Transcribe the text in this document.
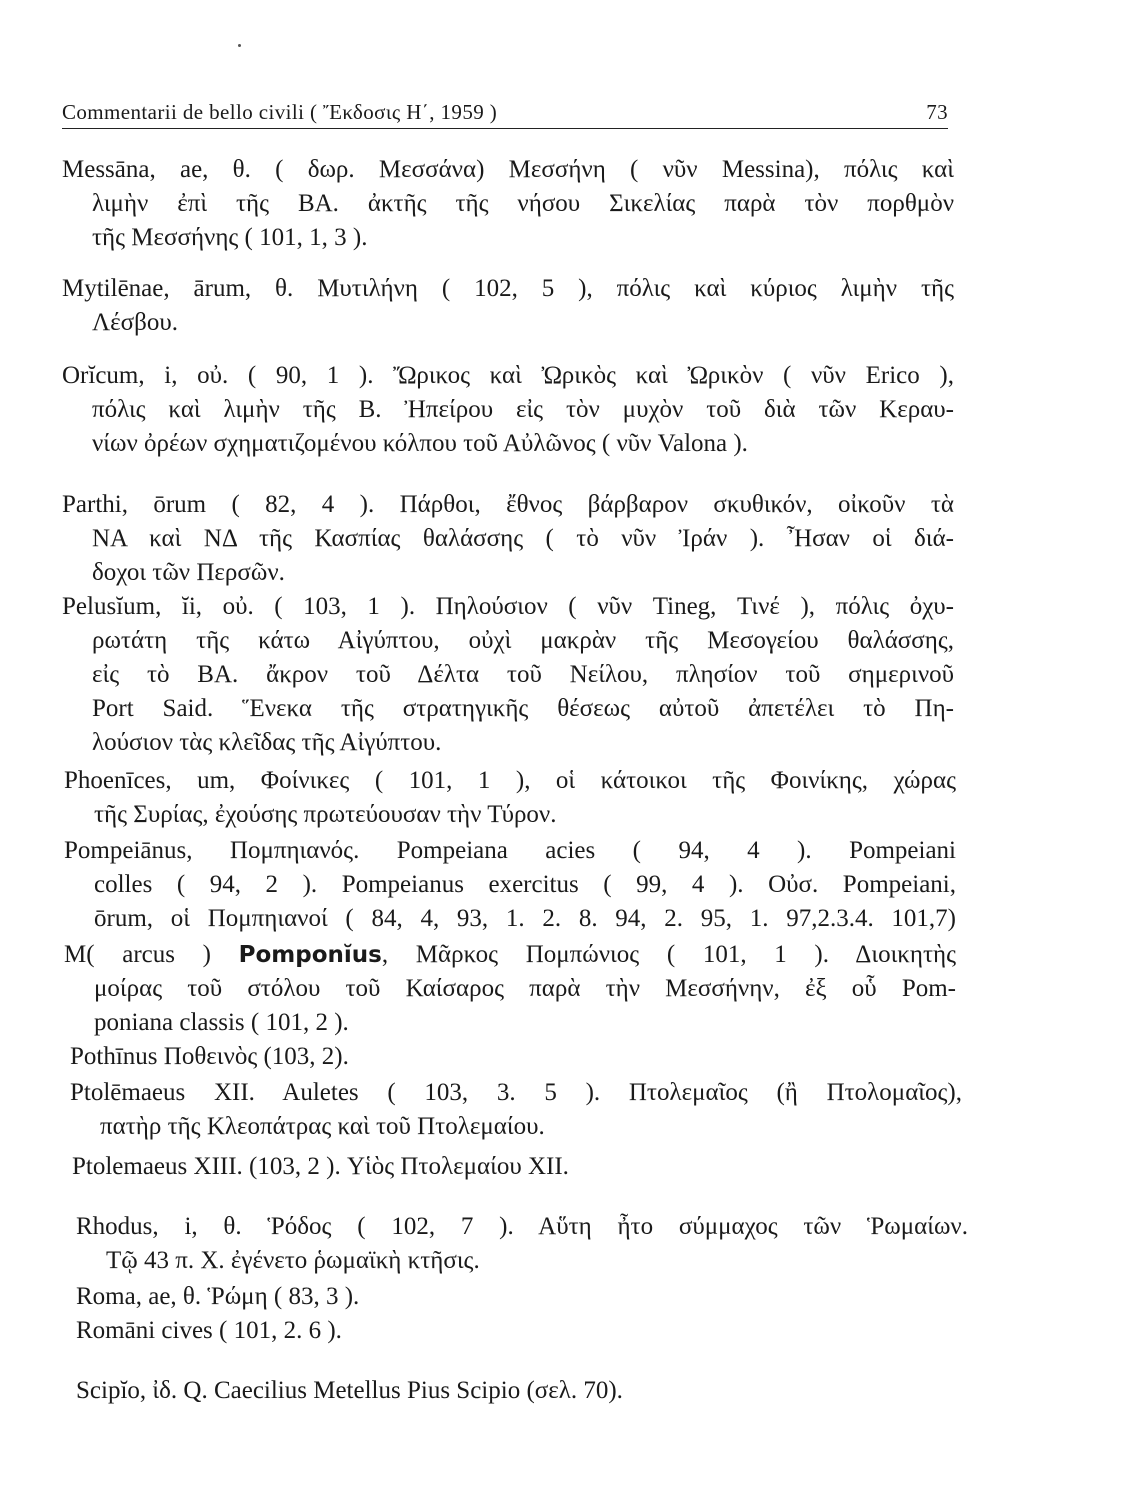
Commentarii de bello civili ( Ἔκδοσις Η΄, 1959 )	73
Messāna, ae, θ. ( δωρ. Μεσσάνα) Μεσσήνη ( νῦν Messina), πόλις καὶ
λιμὴν ἐπὶ τῆς ΒΑ. ἀκτῆς τῆς νήσου Σικελίας παρὰ τὸν πορθμὸν
τῆς Μεσσήνης ( 101, 1, 3 ).
Mytilēnae, ārum, θ. Μυτιλήνη ( 102, 5 ), πόλις καὶ κύριος λιμὴν τῆς
Λέσβου.
Orĭcum, i, οὐ. ( 90, 1 ). Ὤρικος καὶ Ὠρικὸς καὶ Ὠρικὸν ( νῦν Erico ),
πόλις καὶ λιμὴν τῆς Β. Ἠπείρου εἰς τὸν μυχὸν τοῦ διὰ τῶν Κεραυ-
νίων ὀρέων σχηματιζομένου κόλπου τοῦ Αὐλῶνος ( νῦν Valona ).
Parthi, ōrum ( 82, 4 ). Πάρθοι, ἔθνος βάρβαρον σκυθικόν, οἰκοῦν τὰ
ΝΑ καὶ ΝΔ τῆς Κασπίας θαλάσσης ( τὸ νῦν Ἰράν ). Ἦσαν οἱ διά-
δοχοι τῶν Περσῶν.
Pelusĭum, ĭi, οὐ. ( 103, 1 ). Πηλούσιον ( νῦν Tineg, Τινέ ), πόλις ὀχυ-
ρωτάτη τῆς κάτω Αἰγύπτου, οὐχὶ μακρὰν τῆς Μεσογείου θαλάσσης,
εἰς τὸ ΒΑ. ἄκρον τοῦ Δέλτα τοῦ Νείλου, πλησίον τοῦ σημερινοῦ
Port Said. Ἕνεκα τῆς στρατηγικῆς θέσεως αὐτοῦ ἀπετέλει τὸ Πη-
λούσιον τὰς κλεῖδας τῆς Αἰγύπτου.
Phoenīces, um, Φοίνικες ( 101, 1 ), οἱ κάτοικοι τῆς Φοινίκης, χώρας
τῆς Συρίας, ἐχούσης πρωτεύουσαν τὴν Τύρον.
Pompeiānus, Πομπηιανός. Pompeiana acies ( 94, 4 ). Pompeiani
colles ( 94, 2 ). Pompeianus exercitus ( 99, 4 ). Οὐσ. Pompeiani,
ōrum, οἱ Πομπηιανοί ( 84, 4, 93, 1. 2. 8. 94, 2. 95, 1. 97,2.3.4. 101,7)
M( arcus ) Pomponĭus, Μᾶρκος Πομπώνιος ( 101, 1 ). Διοικητὴς
μοίρας τοῦ στόλου τοῦ Καίσαρος παρὰ τὴν Μεσσήνην, ἐξ οὗ Pom-
poniana classis ( 101, 2 ).
Pothīnus Ποθεινὸς (103, 2).
Ptolēmaeus XII. Auletes ( 103, 3. 5 ). Πτολεμαῖος (ἢ Πτολομαῖος),
πατὴρ τῆς Κλεοπάτρας καὶ τοῦ Πτολεμαίου.
Ptolemaeus XIII. (103, 2 ). Υἱὸς Πτολεμαίου XII.
Rhodus, i, θ. Ῥόδος ( 102, 7 ). Αὕτη ἦτο σύμμαχος τῶν Ῥωμαίων.
Τῷ 43 π. Χ. ἐγένετο ῥωμαϊκὴ κτῆσις.
Roma, ae, θ. Ῥώμη ( 83, 3 ).
Romāni cives ( 101, 2. 6 ).
Scipĭo, ἰδ. Q. Caecilius Metellus Pius Scipio (σελ. 70).
